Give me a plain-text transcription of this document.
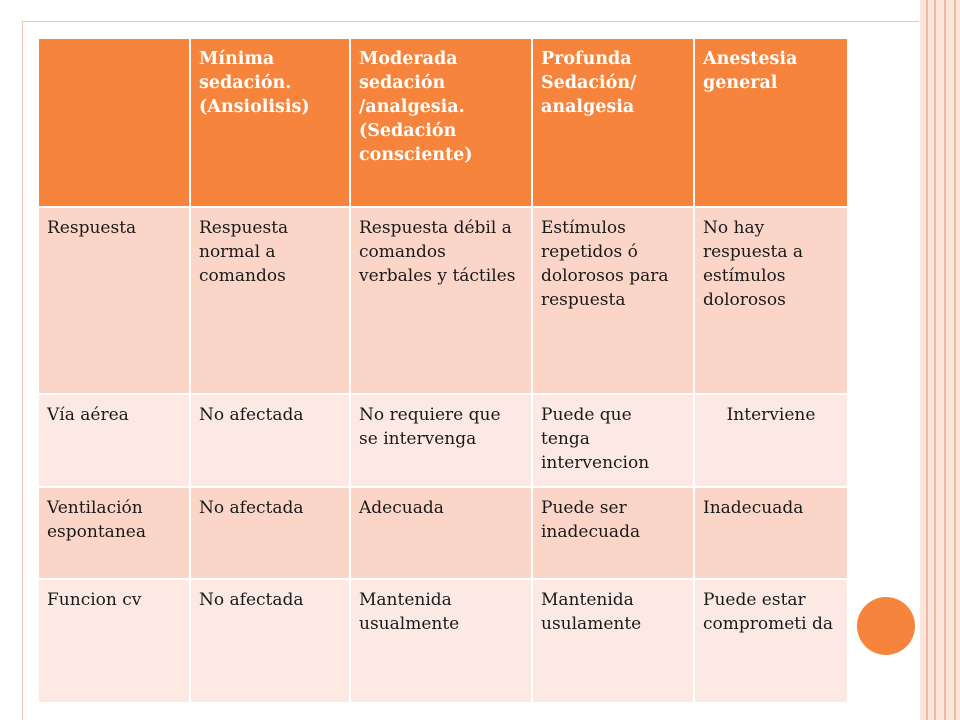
	Mínima sedación. (Ansiolisis)	Moderada sedación /analgesia. (Sedación consciente)	Profunda Sedación/ analgesia	Anestesia general
Respuesta	Respuesta normal a comandos	Respuesta débil a comandos verbales y táctiles	Estímulos repetidos ó dolorosos para respuesta	No hay respuesta a estímulos dolorosos
Vía aérea	No afectada	No requiere que se intervenga	Puede que tenga intervencion	Interviene
Ventilación espontanea	No afectada	Adecuada	Puede ser inadecuada	Inadecuada
Funcion cv	No afectada	Mantenida usualmente	Mantenida usulamente	Puede estar comprometi da
